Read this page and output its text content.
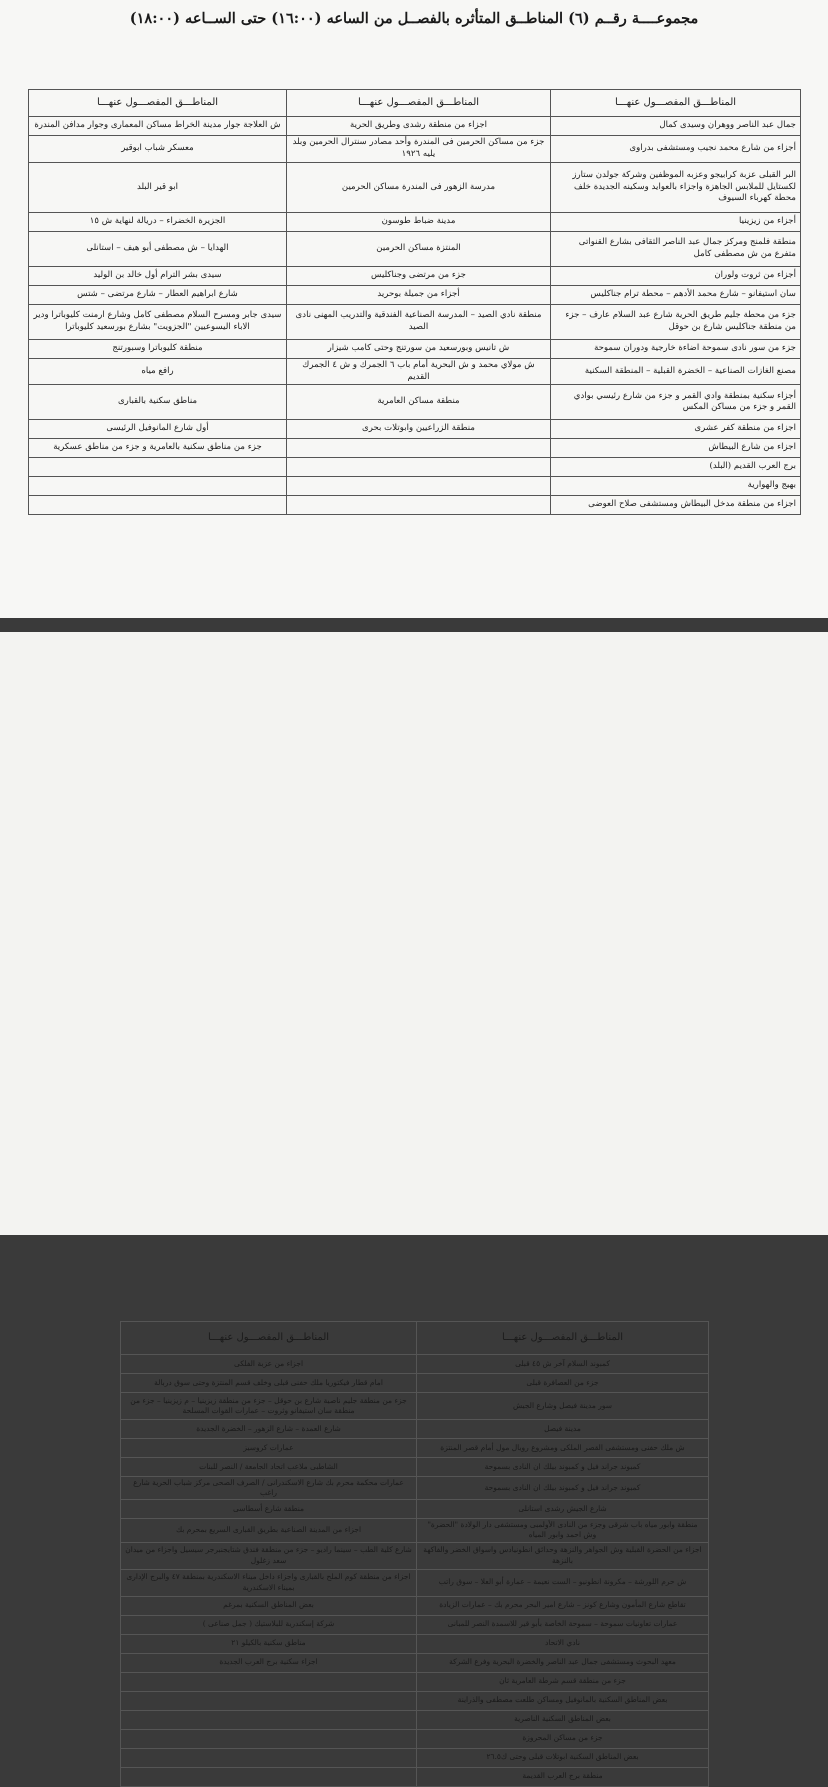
مجموعــــة رقــم (٦) المناطــق المتأثره بالفصــل من الساعه (١٦:٠٠) حتى الســاعه (١٨:٠٠)
المناطـــق المفصـــول عنهـــا	المناطـــق المفصـــول عنهـــا	المناطـــق المفصـــول عنهـــا
جمال عبد الناصر ووهران وسيدى كمال	اجزاء من منطقة رشدى وطريق الحرية	ش العلاجة جوار مدينة الخراط مساكن المعمارى وجوار مدافن المندرة
أجزاء من شارع محمد نجيب ومستشفى بدراوى	جزء من مساكن الحرمين فى المندرة وأحد مصادر سنترال الحرمين وبلد يليه ١٩٢٦	معسكر شباب ابوقير
البر القبلى عزبة كرابيجو وعزبه الموظفين وشركة جولدن ستارز لكستايل للملابس الجاهزة واجزاء بالعوايد وسكينه الجديدة خلف محطة كهرباء السيوف	مدرسة الزهور فى المندرة مساكن الحرمين	ابو قير البلد
أجزاء من زيزينيا	مدينة ضباط طوسون	الجزيرة الخضراء – دريالة لنهاية ش ١٥
منطقة فلمنج ومركز جمال عبد الناصر الثقافى بشارع القنواتى متفرع من ش مصطفى كامل	المنتزة مساكن الحرمين	الهدايا – ش مصطفى أبو هيف – استانلى
أجزاء من ثروت ولوران	جزء من مرتضى وجناكليس	سيدى بشر الترام أول خالد بن الوليد
سان استيفانو – شارع محمد الأدهم – محطة ترام جناكليس	أجزاء من جميلة بوحريد	شارع ابراهيم العطار – شارع مرتضى – شتس
جزء من محطة جليم طريق الحرية شارع عبد السلام عارف – جزء من منطقة جناكليس شارع بن حوقل	منطقة نادي الصيد – المدرسة الصناعية الفندقية والتدريب المهنى نادى الصيد	سيدى جابر ومسرح السلام مصطفى كامل وشارع ارمنت كليوباترا ودير الاباء اليسوعيين "الجزويت" بشارع بورسعيد كليوباترا
جزء من سور نادى سموحة اضاءة خارجية ودوران سموحة	ش تانيس وبورسعيد من سورتنج وحتى كامب شيزار	منطقة كليوباترا وسبورتنج
مصنع الغازات الصناعية – الخضرة القبلية – المنطقة السكنية	ش مولاي محمد و ش البحرية أمام باب ٦ الجمرك و ش ٤ الجمرك القديم	رافع مياه
أجزاء سكنية بمنطقة وادي القمر و جزء من شارع رئيسي بوادي القمر و جزء من مساكن المكس	منطقة مساكن العامرية	مناطق سكنية بالقبارى
اجزاء من منطقة كفر عشرى	منطقة الزراعيين وابوتلات بحرى	أول شارع المانوفيل الرئيسى
اجزاء من شارع البيطاش		جزء من مناطق سكنية بالعامرية و جزء من مناطق عسكرية
برج العرب القديم (البلد)		
بهيج والهوارية		
اجزاء من منطقة مدخل البيطاش ومستشفى صلاح العوضى		
المناطـــق المفصـــول عنهـــا	المناطـــق المفصـــول عنهـــا
كمبوند السلام آخر ش ٤٥ قبلى	اجزاء من عزبة الفلكى
جزء من العصافرة قبلى	امام قطار فيكتوريا ملك حفنى قبلى وخلف قسم المنتزة وحتى سوق دربالة
سور مدينة فيصل وشارع الجيش	جزء من منطقة جليم ناصية شارع بن حوقل – جزء من منطقة زيزينيا – م زيزينيا – جزء من منطقة سان استيفانو وثروت – عمارات القوات المسلحة
مدينة فيصل	شارع العمدة – شارع الزهور – الخضرة الجديدة
ش ملك حفنى ومستشفى القصر الملكى ومشروع رويال مول أمام قصر المنتزة	عمارات كروسيز
كمبوند جراند فيل و كمبوند بيلك ان النادى بسموحة	الشاطبى ملاعب اتحاد الجامعة / النصر للبنات
كمبوند جراند فيل و كمبوند بيلك ان النادى بسموحة	عمارات محكمة محرم بك شارع الاسكندرانى / الصرف الصحى مركز شباب الحرية شارع راغب
شارع الجيش رشدى استانلى	منطقة شارع أسطاسى
منطقة وابور مياه باب شرقى وجزء من النادى الأولمبى ومستشفى دار الولادة "الحضرة" وش احمد وابور المياه	اجزاء من المدينة الصناعية بطريق القبارى السريع بمحرم بك
اجزاء من الحضرة القبلية وش الجواهر والنزهة وحدائق انطونيادس واسواق الخضر والفاكهة بالنزهة	شارع كلية الطب – سينما راديو – جزء من منطقة فندق شتايجنبرجر سيسيل واجزاء من ميدان سعد زغلول
ش حرم اللورشة – مكرونة انطونيو – الست نعيمة – عمارة أبو العلا – سوق راتب	اجزاء من منطقة كوم الملح بالقبارى واجزاء داخل ميناء الاسكندرية بمنطقة ٤٧ والبرج الإدارى بميناء الاسكندرية
تقاطع شارع المأمون وشارع كونز – شارع امير البحر محرم بك – عمارات الزيادة	بعض المناطق السكنية بمرغم
عمارات تعاونيات سموحة – سموحة الخاصة بأبو قير للاسمدة النصر للمبانى	شركة إسكندرية للبلاستيك ( جمل صناعى )
نادي الاتحاد	مناطق سكنية بالكيلو ٢١
معهد البحوث ومستشفى جمال عبد الناصر والخضرة البحرية وفرع الشركة	اجزاء سكنية برج العرب الجديدة
جزء من منطقة قسم شرطة العامرية ثان	
بعض المناطق السكنية بالمانوفيل ومساكن طلعت مصطفى والذراينة	
بعض المناطق السكنية الناصرية	
جزء من مساكن المحروزة	
بعض المناطق السكنية ابوتلات قبلى وحتى ك٢٦.٥	
منطقة برج العرب القديمة	
